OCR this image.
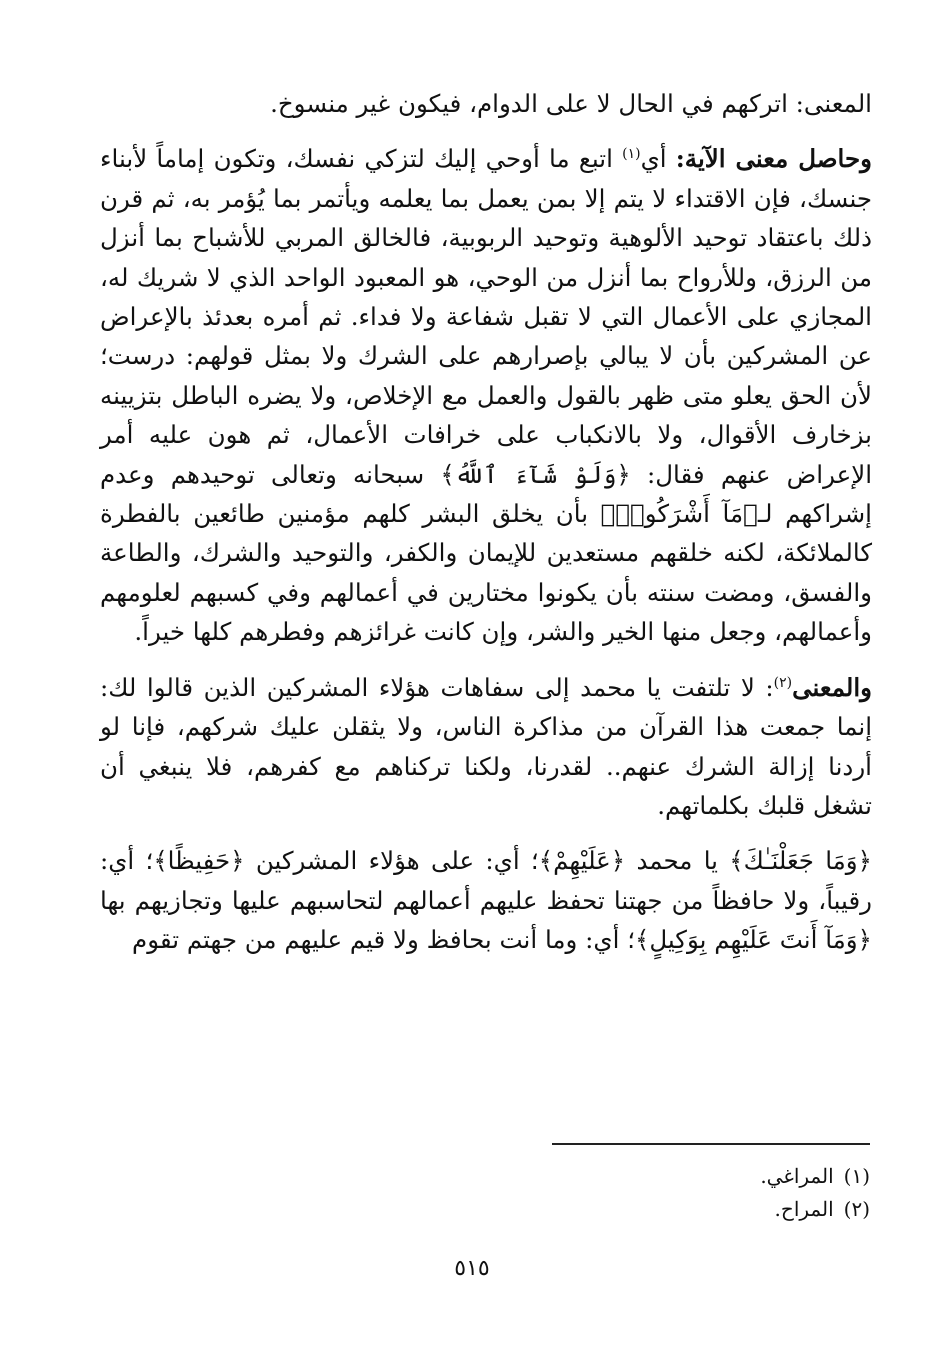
المعنى: اتركهم في الحال لا على الدوام، فيكون غير منسوخ.

وحاصل معنى الآية: أي$^{(١)}$ اتبع ما أوحي إليك لتزكي نفسك، وتكون إماماً لأبناء جنسك، فإن الاقتداء لا يتم إلا بمن يعمل بما يعلمه ويأتمر بما يُؤمر به، ثم قرن ذلك باعتقاد توحيد الألوهية وتوحيد الربوبية، فالخالق المربي للأشباح بما أنزل من الرزق، وللأرواح بما أنزل من الوحي، هو المعبود الواحد الذي لا شريك له، المجازي على الأعمال التي لا تقبل شفاعة ولا فداء. ثم أمره بعدئذ بالإعراض عن المشركين بأن لا يبالي بإصرارهم على الشرك ولا بمثل قولهم: درست؛ لأن الحق يعلو متى ظهر بالقول والعمل مع الإخلاص، ولا يضره الباطل بتزيينه بزخارف الأقوال، ولا بالانكباب على خرافات الأعمال، ثم هون عليه أمر الإعراض عنهم فقال: ﴿وَلَوْ شَآءَ ٱللَّهُ﴾ سبحانه وتعالى توحيدهم وعدم إشراكهم لـ﴿مَآ أَشْرَكُوا۟﴾ بأن يخلق البشر كلهم مؤمنين طائعين بالفطرة كالملائكة، لكنه خلقهم مستعدين للإيمان والكفر، والتوحيد والشرك، والطاعة والفسق، ومضت سنته بأن يكونوا مختارين في أعمالهم وفي كسبهم لعلومهم وأعمالهم، وجعل منها الخير والشر، وإن كانت غرائزهم وفطرهم كلها خيراً.

والمعنى$^{(٢)}$: لا تلتفت يا محمد إلى سفاهات هؤلاء المشركين الذين قالوا لك: إنما جمعت هذا القرآن من مذاكرة الناس، ولا يثقلن عليك شركهم، فإنا لو أردنا إزالة الشرك عنهم.. لقدرنا، ولكنا تركناهم مع كفرهم، فلا ينبغي أن تشغل قلبك بكلماتهم.

﴿وَمَا جَعَلْنَـٰكَ﴾ يا محمد ﴿عَلَيْهِمْ﴾؛ أي: على هؤلاء المشركين ﴿حَفِيظًا﴾؛ أي: رقيباً، ولا حافظاً من جهتنا تحفظ عليهم أعمالهم لتحاسبهم عليها وتجازيهم بها ﴿وَمَآ أَنتَ عَلَيْهِم بِوَكِيلٍ﴾؛ أي: وما أنت بحافظ ولا قيم عليهم من جهتم تقوم

(١)المراغي.

(٢)المراح.

٥١٥
